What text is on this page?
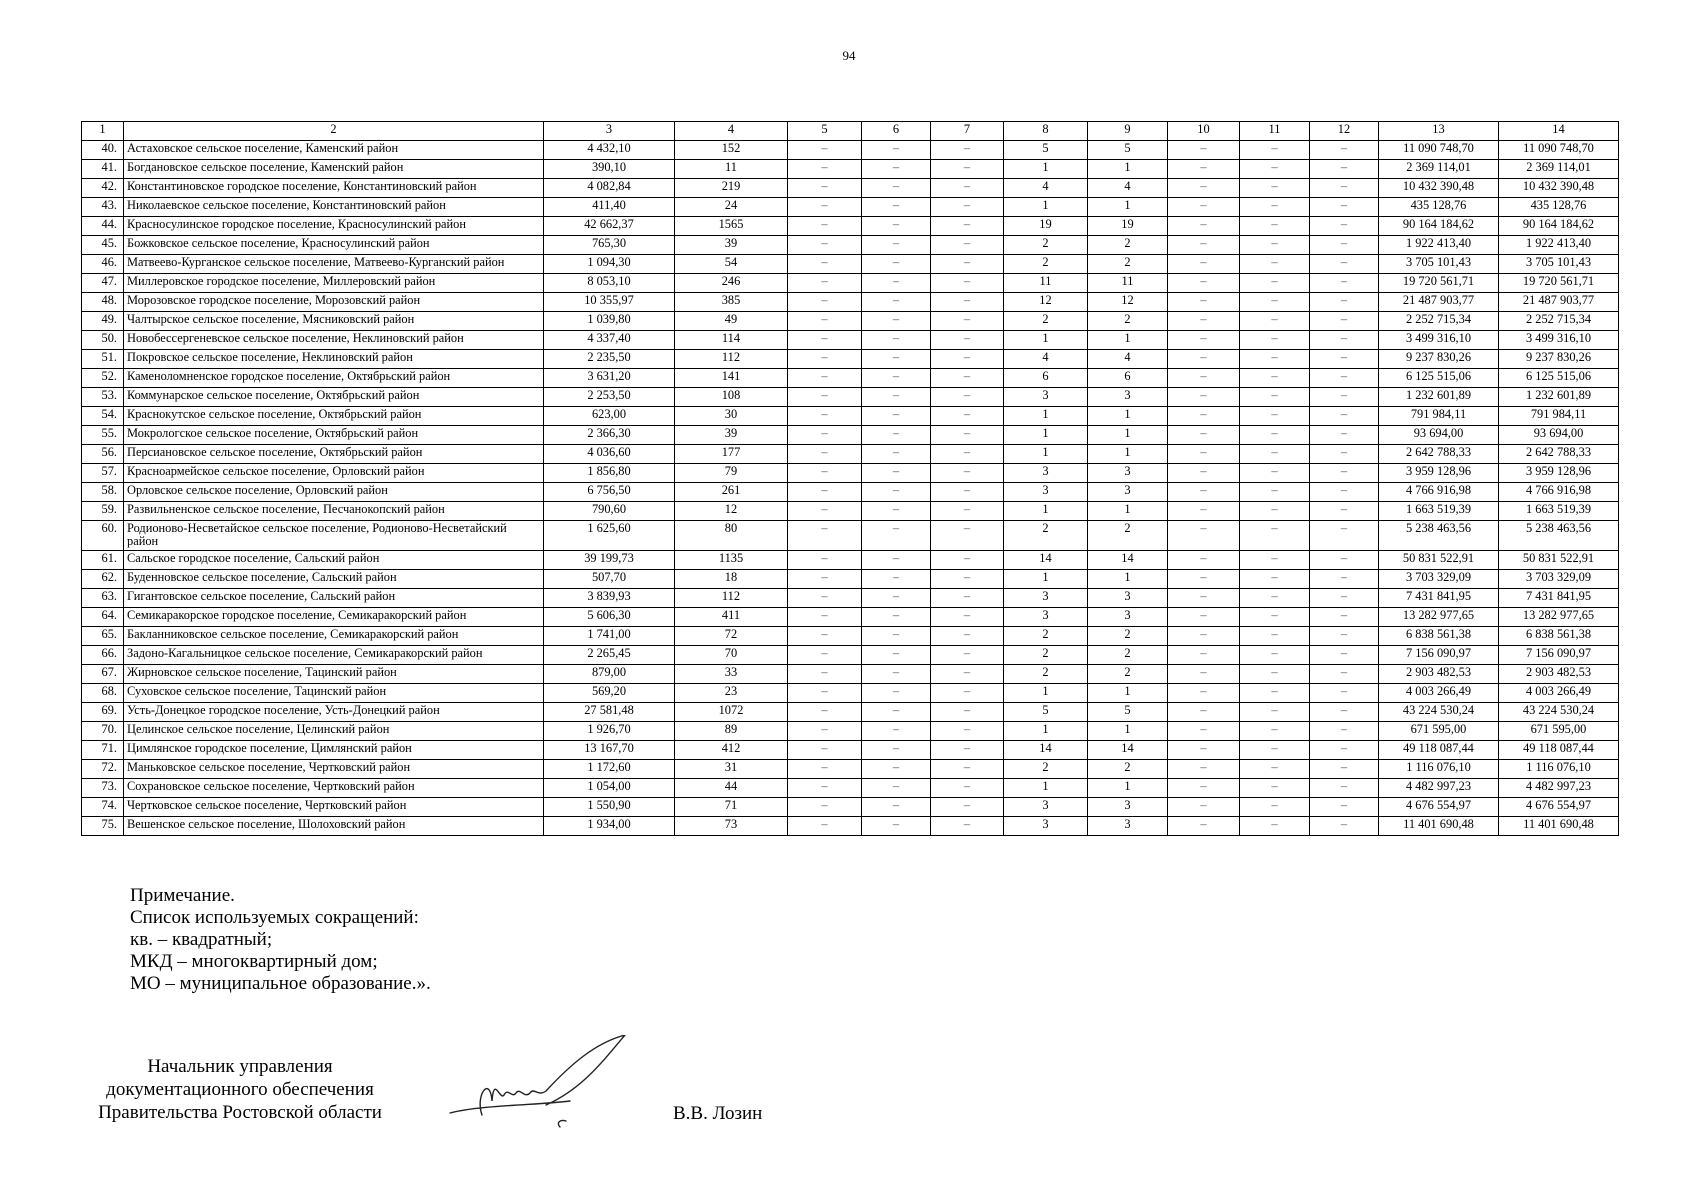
94
1	2	3	4	5	6	7	8	9	10	11	12	13	14
40.	Астаховское сельское поселение, Каменский район	4 432,10	152	–	–	–	5	5	–	–	–	11 090 748,70	11 090 748,70
41.	Богдановское сельское поселение, Каменский район	390,10	11	–	–	–	1	1	–	–	–	2 369 114,01	2 369 114,01
42.	Константиновское городское поселение, Константиновский район	4 082,84	219	–	–	–	4	4	–	–	–	10 432 390,48	10 432 390,48
43.	Николаевское сельское поселение, Константиновский район	411,40	24	–	–	–	1	1	–	–	–	435 128,76	435 128,76
44.	Красносулинское городское поселение, Красносулинский район	42 662,37	1565	–	–	–	19	19	–	–	–	90 164 184,62	90 164 184,62
45.	Божковское сельское поселение, Красносулинский район	765,30	39	–	–	–	2	2	–	–	–	1 922 413,40	1 922 413,40
46.	Матвеево-Курганское сельское поселение, Матвеево-Курганский район	1 094,30	54	–	–	–	2	2	–	–	–	3 705 101,43	3 705 101,43
47.	Миллеровское городское поселение, Миллеровский район	8 053,10	246	–	–	–	11	11	–	–	–	19 720 561,71	19 720 561,71
48.	Морозовское городское поселение, Морозовский район	10 355,97	385	–	–	–	12	12	–	–	–	21 487 903,77	21 487 903,77
49.	Чалтырское сельское поселение, Мясниковский район	1 039,80	49	–	–	–	2	2	–	–	–	2 252 715,34	2 252 715,34
50.	Новобессергеневское сельское поселение, Неклиновский район	4 337,40	114	–	–	–	1	1	–	–	–	3 499 316,10	3 499 316,10
51.	Покровское сельское поселение, Неклиновский район	2 235,50	112	–	–	–	4	4	–	–	–	9 237 830,26	9 237 830,26
52.	Каменоломненское городское поселение, Октябрьский район	3 631,20	141	–	–	–	6	6	–	–	–	6 125 515,06	6 125 515,06
53.	Коммунарское сельское поселение, Октябрьский район	2 253,50	108	–	–	–	3	3	–	–	–	1 232 601,89	1 232 601,89
54.	Краснокутское сельское поселение, Октябрьский район	623,00	30	–	–	–	1	1	–	–	–	791 984,11	791 984,11
55.	Мокрологское сельское поселение, Октябрьский район	2 366,30	39	–	–	–	1	1	–	–	–	93 694,00	93 694,00
56.	Персиановское сельское поселение, Октябрьский район	4 036,60	177	–	–	–	1	1	–	–	–	2 642 788,33	2 642 788,33
57.	Красноармейское сельское поселение, Орловский район	1 856,80	79	–	–	–	3	3	–	–	–	3 959 128,96	3 959 128,96
58.	Орловское сельское поселение, Орловский район	6 756,50	261	–	–	–	3	3	–	–	–	4 766 916,98	4 766 916,98
59.	Развильненское сельское поселение, Песчанокопский район	790,60	12	–	–	–	1	1	–	–	–	1 663 519,39	1 663 519,39
60.	Родионово-Несветайское сельское поселение, Родионово-Несветайский район	1 625,60	80	–	–	–	2	2	–	–	–	5 238 463,56	5 238 463,56
61.	Сальское городское поселение, Сальский район	39 199,73	1135	–	–	–	14	14	–	–	–	50 831 522,91	50 831 522,91
62.	Буденновское сельское поселение, Сальский район	507,70	18	–	–	–	1	1	–	–	–	3 703 329,09	3 703 329,09
63.	Гигантовское сельское поселение, Сальский район	3 839,93	112	–	–	–	3	3	–	–	–	7 431 841,95	7 431 841,95
64.	Семикаракорское городское поселение, Семикаракорский район	5 606,30	411	–	–	–	3	3	–	–	–	13 282 977,65	13 282 977,65
65.	Бакланниковское сельское поселение, Семикаракорский район	1 741,00	72	–	–	–	2	2	–	–	–	6 838 561,38	6 838 561,38
66.	Задоно-Кагальницкое сельское поселение, Семикаракорский район	2 265,45	70	–	–	–	2	2	–	–	–	7 156 090,97	7 156 090,97
67.	Жирновское сельское поселение, Тацинский район	879,00	33	–	–	–	2	2	–	–	–	2 903 482,53	2 903 482,53
68.	Суховское сельское поселение, Тацинский район	569,20	23	–	–	–	1	1	–	–	–	4 003 266,49	4 003 266,49
69.	Усть-Донецкое городское поселение, Усть-Донецкий район	27 581,48	1072	–	–	–	5	5	–	–	–	43 224 530,24	43 224 530,24
70.	Целинское сельское поселение, Целинский район	1 926,70	89	–	–	–	1	1	–	–	–	671 595,00	671 595,00
71.	Цимлянское городское поселение, Цимлянский район	13 167,70	412	–	–	–	14	14	–	–	–	49 118 087,44	49 118 087,44
72.	Маньковское сельское поселение, Чертковский район	1 172,60	31	–	–	–	2	2	–	–	–	1 116 076,10	1 116 076,10
73.	Сохрановское сельское поселение, Чертковский район	1 054,00	44	–	–	–	1	1	–	–	–	4 482 997,23	4 482 997,23
74.	Чертковское сельское поселение, Чертковский район	1 550,90	71	–	–	–	3	3	–	–	–	4 676 554,97	4 676 554,97
75.	Вешенское сельское поселение, Шолоховский район	1 934,00	73	–	–	–	3	3	–	–	–	11 401 690,48	11 401 690,48
Примечание.
Список используемых сокращений:
кв. – квадратный;
МКД – многоквартирный дом;
МО – муниципальное образование.».
Начальник управления
документационного обеспечения
Правительства Ростовской области	В.В. Лозин
